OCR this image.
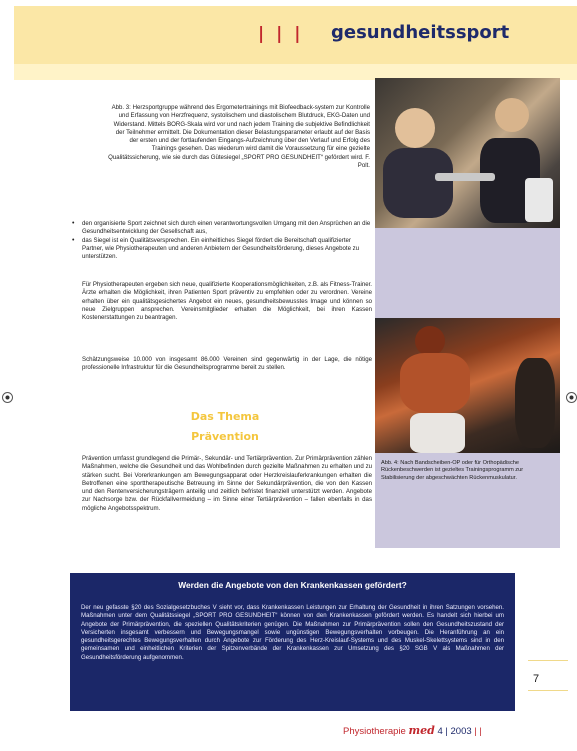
| | | gesundheitssport
Abb. 4: Nach Bandscheiben-OP oder für Orthopädische Rückenbeschwerden ist gezieltes Trainingsprogramm zur Stabilisierung der abgeschwächten Rückenmuskulatur.
Abb. 3: Herzsportgruppe während des Ergometertrainings mit Biofeedback-system zur Kontrolle und Erfassung von Herzfrequenz, systolischem und diastolischem Blutdruck, EKG-Daten und Widerstand. Mittels BORG-Skala wird vor und nach jedem Training die subjektive Befindlichkeit der Teilnehmer ermittelt. Die Dokumentation dieser Belastungsparameter erlaubt auf der Basis der ersten und der fortlaufenden Eingangs-Aufzeichnung über den Verlauf und Erfolg des Trainings gesehen. Das wiederum wird damit die Voraussetzung für eine gezielte Qualitätssicherung, wie sie durch das Gütesiegel „SPORT PRO GESUNDHEIT“ gefördert wird. F. Polt.
• den organisierte Sport zeichnet sich durch einen verantwortungsvollen Umgang mit den Ansprüchen an die Gesundheitsentwicklung der Gesellschaft aus,
• das Siegel ist ein Qualitätsversprechen. Ein einheitliches Siegel fördert die Bereitschaft qualifizierter Partner, wie Physiotherapeuten und anderen Anbietern der Gesundheitsförderung, dieses Angebote zu unterstützen.
Für Physiotherapeuten ergeben sich neue, qualifizierte Kooperationsmöglichkeiten, z.B. als Fitness-Trainer. Ärzte erhalten die Möglichkeit, ihren Patienten Sport präventiv zu empfehlen oder zu verordnen. Vereine erhalten über ein qualitätsgesichertes Angebot ein neues, gesundheitsbewusstes Image und können so neue Zielgruppen ansprechen. Vereinsmitglieder erhalten die Möglichkeit, bei ihren Kassen Kostenerstattungen zu beantragen.
Schätzungsweise 10.000 von insgesamt 86.000 Vereinen sind gegenwärtig in der Lage, die nötige professionelle Infrastruktur für die Gesundheitsprogramme bereit zu stellen.
Das Thema
Prävention
Prävention umfasst grundlegend die Primär-, Sekundär- und Tertiärprävention. Zur Primärprävention zählen Maßnahmen, welche die Gesundheit und das Wohlbefinden durch gezielte Maßnahmen zu erhalten und zu stärken sucht. Bei Vorerkrankungen am Bewegungsapparat oder Herzkreislauferkrankungen erhalten die Betroffenen eine sporttherapeutische Betreuung im Sinne der Sekundärprävention, die von den Kassen und den Rentenversicherungsträgern anteilig und zeitlich befristet finanziell unterstützt werden. Angebote zur Nachsorge bzw. der Rückfallvermeidung – im Sinne einer Tertiärprävention – fallen ebenfalls in das mögliche Angebotsspektrum.
Werden die Angebote von den Krankenkassen gefördert?
Der neu gefasste §20 des Sozialgesetzbuches V sieht vor, dass Krankenkassen Leistungen zur Erhaltung der Gesundheit in ihren Satzungen vorsehen. Maßnahmen unter dem Qualitätssiegel „SPORT PRO GESUNDHEIT“ können von den Krankenkassen gefördert werden. Es handelt sich hierbei um Angebote der Primärprävention, die speziellen Qualitätskriterien genügen. Die Maßnahmen zur Primärprävention sollen den Gesundheitszustand der Versicherten insgesamt verbessern und Bewegungsmangel sowie ungünstigen Bewegungsverhalten vorbeugen. Die Heranführung an ein gesundheitsgerechtes Bewegungsverhalten durch Angebote zur Förderung des Herz-Kreislauf-Systems und des Muskel-Skelettsystems sind in den gemeinsamen und einheitlichen Kriterien der Spitzenverbände der Krankenkassen zur Umsetzung des §20 SGB V als Maßnahmen der Gesundheitsförderung aufgenommen.
7
Physiotherapie med 4 | 2003 | |
